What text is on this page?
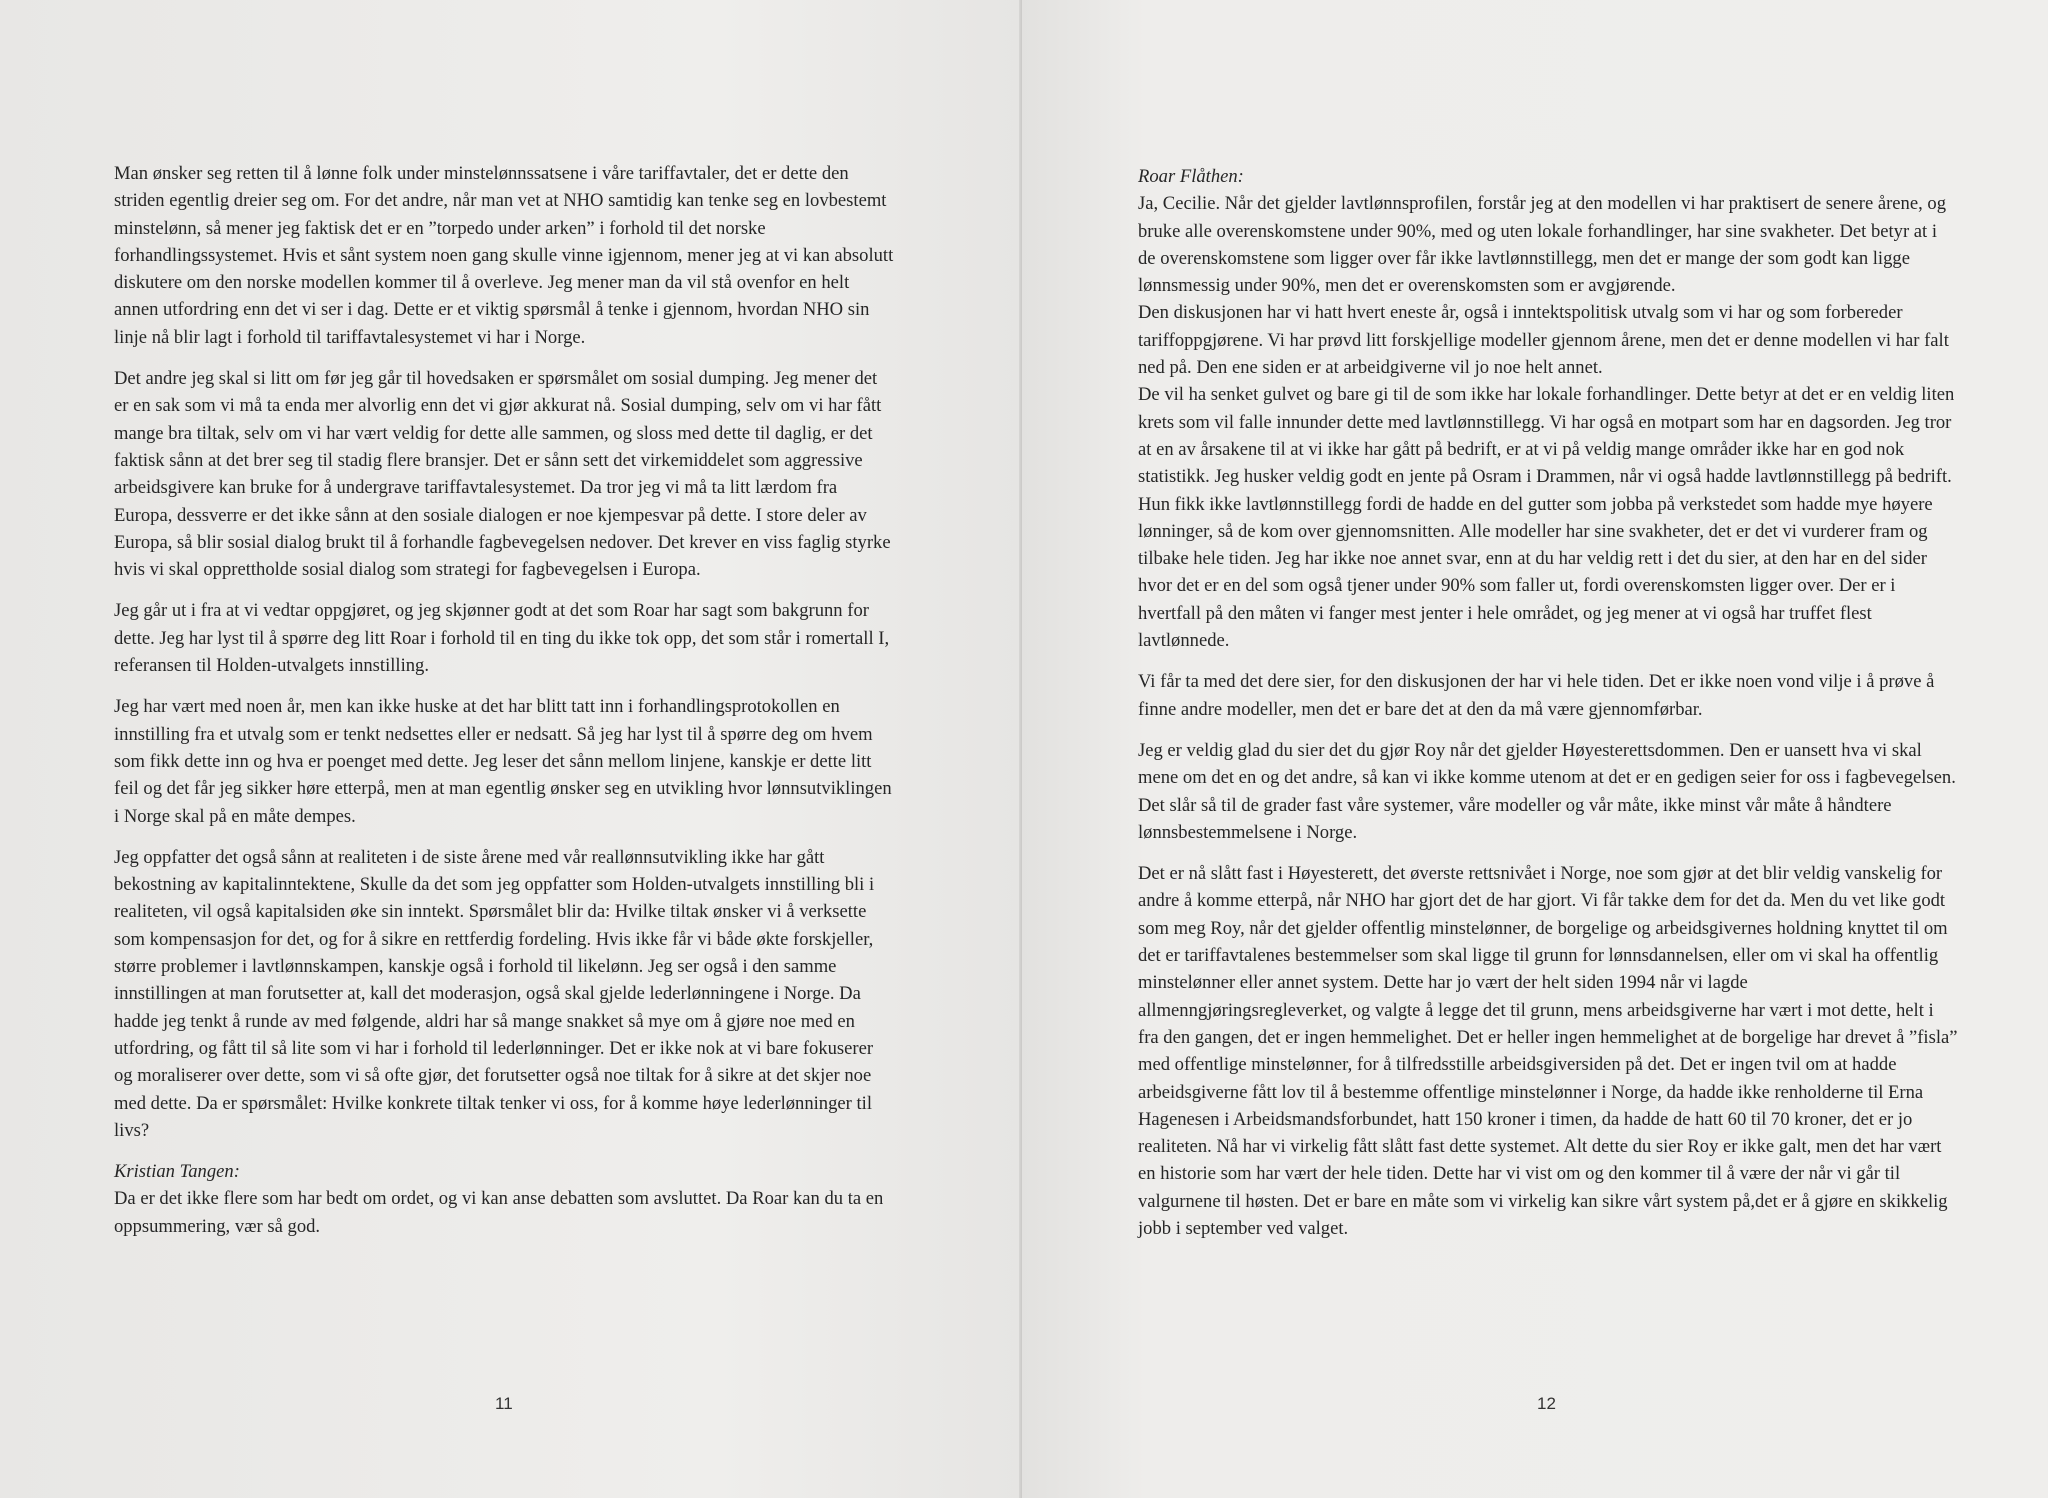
Man ønsker seg retten til å lønne folk under minstelønnssatsene i våre tariffavtaler, det er dette den striden egentlig dreier seg om. For det andre, når man vet at NHO samtidig kan tenke seg en lovbestemt minstelønn, så mener jeg faktisk det er en ”torpedo under arken” i forhold til det norske forhandlingssystemet. Hvis et sånt system noen gang skulle vinne igjennom, mener jeg at vi kan absolutt diskutere om den norske modellen kommer til å overleve. Jeg mener man da vil stå ovenfor en helt annen utfordring enn det vi ser i dag. Dette er et viktig spørsmål å tenke i gjennom, hvordan NHO sin linje nå blir lagt i forhold til tariffavtalesystemet vi har i Norge.

Det andre jeg skal si litt om før jeg går til hovedsaken er spørsmålet om sosial dumping. Jeg mener det er en sak som vi må ta enda mer alvorlig enn det vi gjør akkurat nå. Sosial dumping, selv om vi har fått mange bra tiltak, selv om vi har vært veldig for dette alle sammen, og sloss med dette til daglig, er det faktisk sånn at det brer seg til stadig flere bransjer. Det er sånn sett det virkemiddelet som aggressive arbeidsgivere kan bruke for å undergrave tariffavtalesystemet. Da tror jeg vi må ta litt lærdom fra Europa, dessverre er det ikke sånn at den sosiale dialogen er noe kjempesvar på dette. I store deler av Europa, så blir sosial dialog brukt til å forhandle fagbevegelsen nedover. Det krever en viss faglig styrke hvis vi skal opprettholde sosial dialog som strategi for fagbevegelsen i Europa.

Jeg går ut i fra at vi vedtar oppgjøret, og jeg skjønner godt at det som Roar har sagt som bakgrunn for dette. Jeg har lyst til å spørre deg litt Roar i forhold til en ting du ikke tok opp, det som står i romertall I, referansen til Holden-utvalgets innstilling.

Jeg har vært med noen år, men kan ikke huske at det har blitt tatt inn i forhandlingsprotokollen en innstilling fra et utvalg som er tenkt nedsettes eller er nedsatt. Så jeg har lyst til å spørre deg om hvem som fikk dette inn og hva er poenget med dette. Jeg leser det sånn mellom linjene, kanskje er dette litt feil og det får jeg sikker høre etterpå, men at man egentlig ønsker seg en utvikling hvor lønnsutviklingen i Norge skal på en måte dempes.

Jeg oppfatter det også sånn at realiteten i de siste årene med vår reallønnsutvikling ikke har gått bekostning av kapitalinntektene, Skulle da det som jeg oppfatter som Holden-utvalgets innstilling bli i realiteten, vil også kapitalsiden øke sin inntekt. Spørsmålet blir da: Hvilke tiltak ønsker vi å verksette som kompensasjon for det, og for å sikre en rettferdig fordeling. Hvis ikke får vi både økte forskjeller, større problemer i lavtlønnskampen, kanskje også i forhold til likelønn. Jeg ser også i den samme innstillingen at man forutsetter at, kall det moderasjon, også skal gjelde lederlønningene i Norge. Da hadde jeg tenkt å runde av med følgende, aldri har så mange snakket så mye om å gjøre noe med en utfordring, og fått til så lite som vi har i forhold til lederlønninger. Det er ikke nok at vi bare fokuserer og moraliserer over dette, som vi så ofte gjør, det forutsetter også noe tiltak for å sikre at det skjer noe med dette. Da er spørsmålet: Hvilke konkrete tiltak tenker vi oss, for å komme høye lederlønninger til livs?

Kristian Tangen:

Da er det ikke flere som har bedt om ordet, og vi kan anse debatten som avsluttet. Da Roar kan du ta en oppsummering, vær så god.

11

Roar Flåthen:

Ja, Cecilie. Når det gjelder lavtlønnsprofilen, forstår jeg at den modellen vi har praktisert de senere årene, og bruke alle overenskomstene under 90%, med og uten lokale forhandlinger, har sine svakheter. Det betyr at i de overenskomstene som ligger over får ikke lavtlønnstillegg, men det er mange der som godt kan ligge lønnsmessig under 90%, men det er overenskomsten som er avgjørende.
Den diskusjonen har vi hatt hvert eneste år, også i inntektspolitisk utvalg som vi har og som forbereder tariffoppgjørene. Vi har prøvd litt forskjellige modeller gjennom årene, men det er denne modellen vi har falt ned på. Den ene siden er at arbeidgiverne vil jo noe helt annet.
De vil ha senket gulvet og bare gi til de som ikke har lokale forhandlinger. Dette betyr at det er en veldig liten krets som vil falle innunder dette med lavtlønnstillegg. Vi har også en motpart som har en dagsorden. Jeg tror at en av årsakene til at vi ikke har gått på bedrift, er at vi på veldig mange områder ikke har en god nok statistikk. Jeg husker veldig godt en jente på Osram i Drammen, når vi også hadde lavtlønnstillegg på bedrift. Hun fikk ikke lavtlønnstillegg fordi de hadde en del gutter som jobba på verkstedet som hadde mye høyere lønninger, så de kom over gjennomsnitten. Alle modeller har sine svakheter, det er det vi vurderer fram og tilbake hele tiden. Jeg har ikke noe annet svar, enn at du har veldig rett i det du sier, at den har en del sider hvor det er en del som også tjener under 90% som faller ut, fordi overenskomsten ligger over. Der er i hvertfall på den måten vi fanger mest jenter i hele området, og jeg mener at vi også har truffet flest lavtlønnede.

Vi får ta med det dere sier, for den diskusjonen der har vi hele tiden. Det er ikke noen vond vilje i å prøve å finne andre modeller, men det er bare det at den da må være gjennomførbar.

Jeg er veldig glad du sier det du gjør Roy når det gjelder Høyesterettsdommen. Den er uansett hva vi skal mene om det en og det andre, så kan vi ikke komme utenom at det er en gedigen seier for oss i fagbevegelsen. Det slår så til de grader fast våre systemer, våre modeller og vår måte, ikke minst vår måte å håndtere lønnsbestemmelsene i Norge.

Det er nå slått fast i Høyesterett, det øverste rettsnivået i Norge, noe som gjør at det blir veldig vanskelig for andre å komme etterpå, når NHO har gjort det de har gjort. Vi får takke dem for det da. Men du vet like godt som meg Roy, når det gjelder offentlig minstelønner, de borgelige og arbeidsgivernes holdning knyttet til om det er tariffavtalenes bestemmelser som skal ligge til grunn for lønnsdannelsen, eller om vi skal ha offentlig minstelønner eller annet system. Dette har jo vært der helt siden 1994 når vi lagde allmenngjøringsregleverket, og valgte å legge det til grunn, mens arbeidsgiverne har vært i mot dette, helt i fra den gangen, det er ingen hemmelighet. Det er heller ingen hemmelighet at de borgelige har drevet å ”fisla” med offentlige minstelønner, for å tilfredsstille arbeidsgiversiden på det. Det er ingen tvil om at hadde arbeidsgiverne fått lov til å bestemme offentlige minstelønner i Norge, da hadde ikke renholderne til Erna Hagenesen i Arbeidsmandsforbundet, hatt 150 kroner i timen, da hadde de hatt 60 til 70 kroner, det er jo realiteten. Nå har vi virkelig fått slått fast dette systemet. Alt dette du sier Roy er ikke galt, men det har vært en historie som har vært der hele tiden. Dette har vi vist om og den kommer til å være der når vi går til valgurnene til høsten. Det er bare en måte som vi virkelig kan sikre vårt system på,det er å gjøre en skikkelig jobb i september ved valget.

12
